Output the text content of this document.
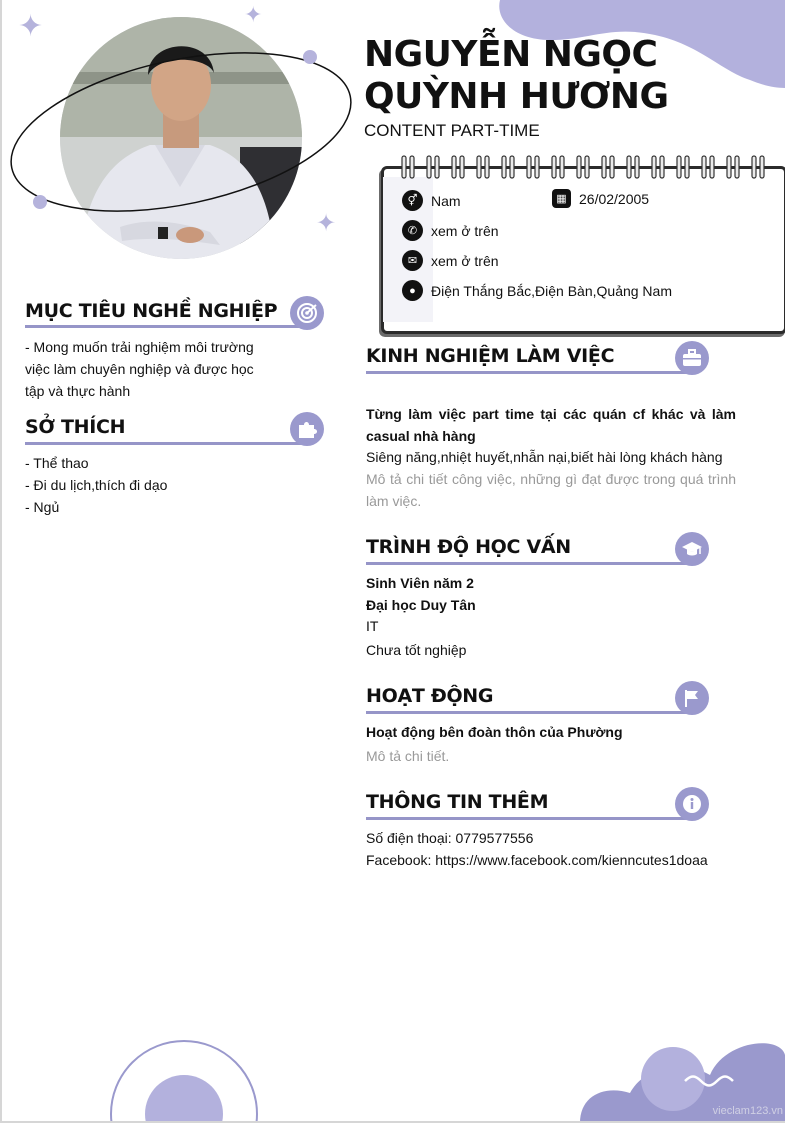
✦	✦
✦
NGUYỄN NGỌC
QUỲNH HƯƠNG
CONTENT PART-TIME
⚥ Nam	▦ 26/02/2005
✆ xem ở trên
✉ xem ở trên
●	Điện Thắng Bắc,Điện Bàn,Quảng Nam
MỤC TIÊU NGHỀ NGHIỆP
- Mong muốn trải nghiệm môi trường
việc làm chuyên nghiệp và được học
tập và thực hành
SỞ THÍCH
- Thể thao
- Đi du lịch,thích đi dạo
- Ngủ
KINH NGHIỆM LÀM VIỆC
Từng làm việc part time tại các quán cf khác và làm casual nhà hàng
Siêng năng,nhiệt huyết,nhẫn nại,biết hài lòng khách hàng
Mô tả chi tiết công việc, những gì đạt được trong quá trình làm việc.
TRÌNH ĐỘ HỌC VẤN
Sinh Viên năm 2
Đại học Duy Tân
IT
Chưa tốt nghiệp
HOẠT ĐỘNG
Hoạt động bên đoàn thôn của Phường
Mô tả chi tiết.
THÔNG TIN THÊM
Số điện thoại: 0779577556
Facebook: https://www.facebook.com/kienncutes1doaa
vieclam123.vn
